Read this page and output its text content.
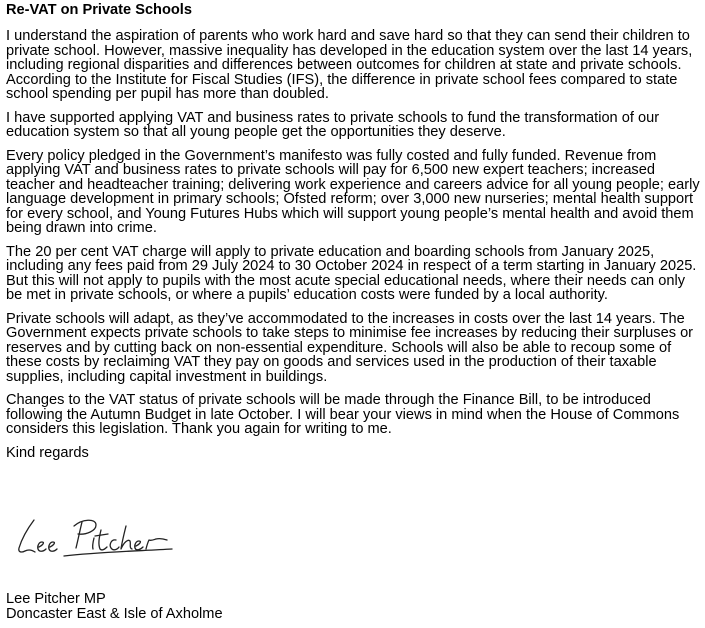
Re-VAT on Private Schools

I understand the aspiration of parents who work hard and save hard so that they can send their children to private school. However, massive inequality has developed in the education system over the last 14 years, including regional disparities and differences between outcomes for children at state and private schools. According to the Institute for Fiscal Studies (IFS), the difference in private school fees compared to state school spending per pupil has more than doubled.

I have supported applying VAT and business rates to private schools to fund the transformation of our education system so that all young people get the opportunities they deserve.

Every policy pledged in the Government’s manifesto was fully costed and fully funded. Revenue from applying VAT and business rates to private schools will pay for 6,500 new expert teachers; increased teacher and headteacher training; delivering work experience and careers advice for all young people; early language development in primary schools; Ofsted reform; over 3,000 new nurseries; mental health support for every school, and Young Futures Hubs which will support young people’s mental health and avoid them being drawn into crime.

The 20 per cent VAT charge will apply to private education and boarding schools from January 2025, including any fees paid from 29 July 2024 to 30 October 2024 in respect of a term starting in January 2025. But this will not apply to pupils with the most acute special educational needs, where their needs can only be met in private schools, or where a pupils’ education costs were funded by a local authority.

Private schools will adapt, as they’ve accommodated to the increases in costs over the last 14 years. The Government expects private schools to take steps to minimise fee increases by reducing their surpluses or reserves and by cutting back on non-essential expenditure. Schools will also be able to recoup some of these costs by reclaiming VAT they pay on goods and services used in the production of their taxable supplies, including capital investment in buildings.

Changes to the VAT status of private schools will be made through the Finance Bill, to be introduced following the Autumn Budget in late October. I will bear your views in mind when the House of Commons considers this legislation. Thank you again for writing to me.

Kind regards

Lee Pitcher MP
Doncaster East & Isle of Axholme
